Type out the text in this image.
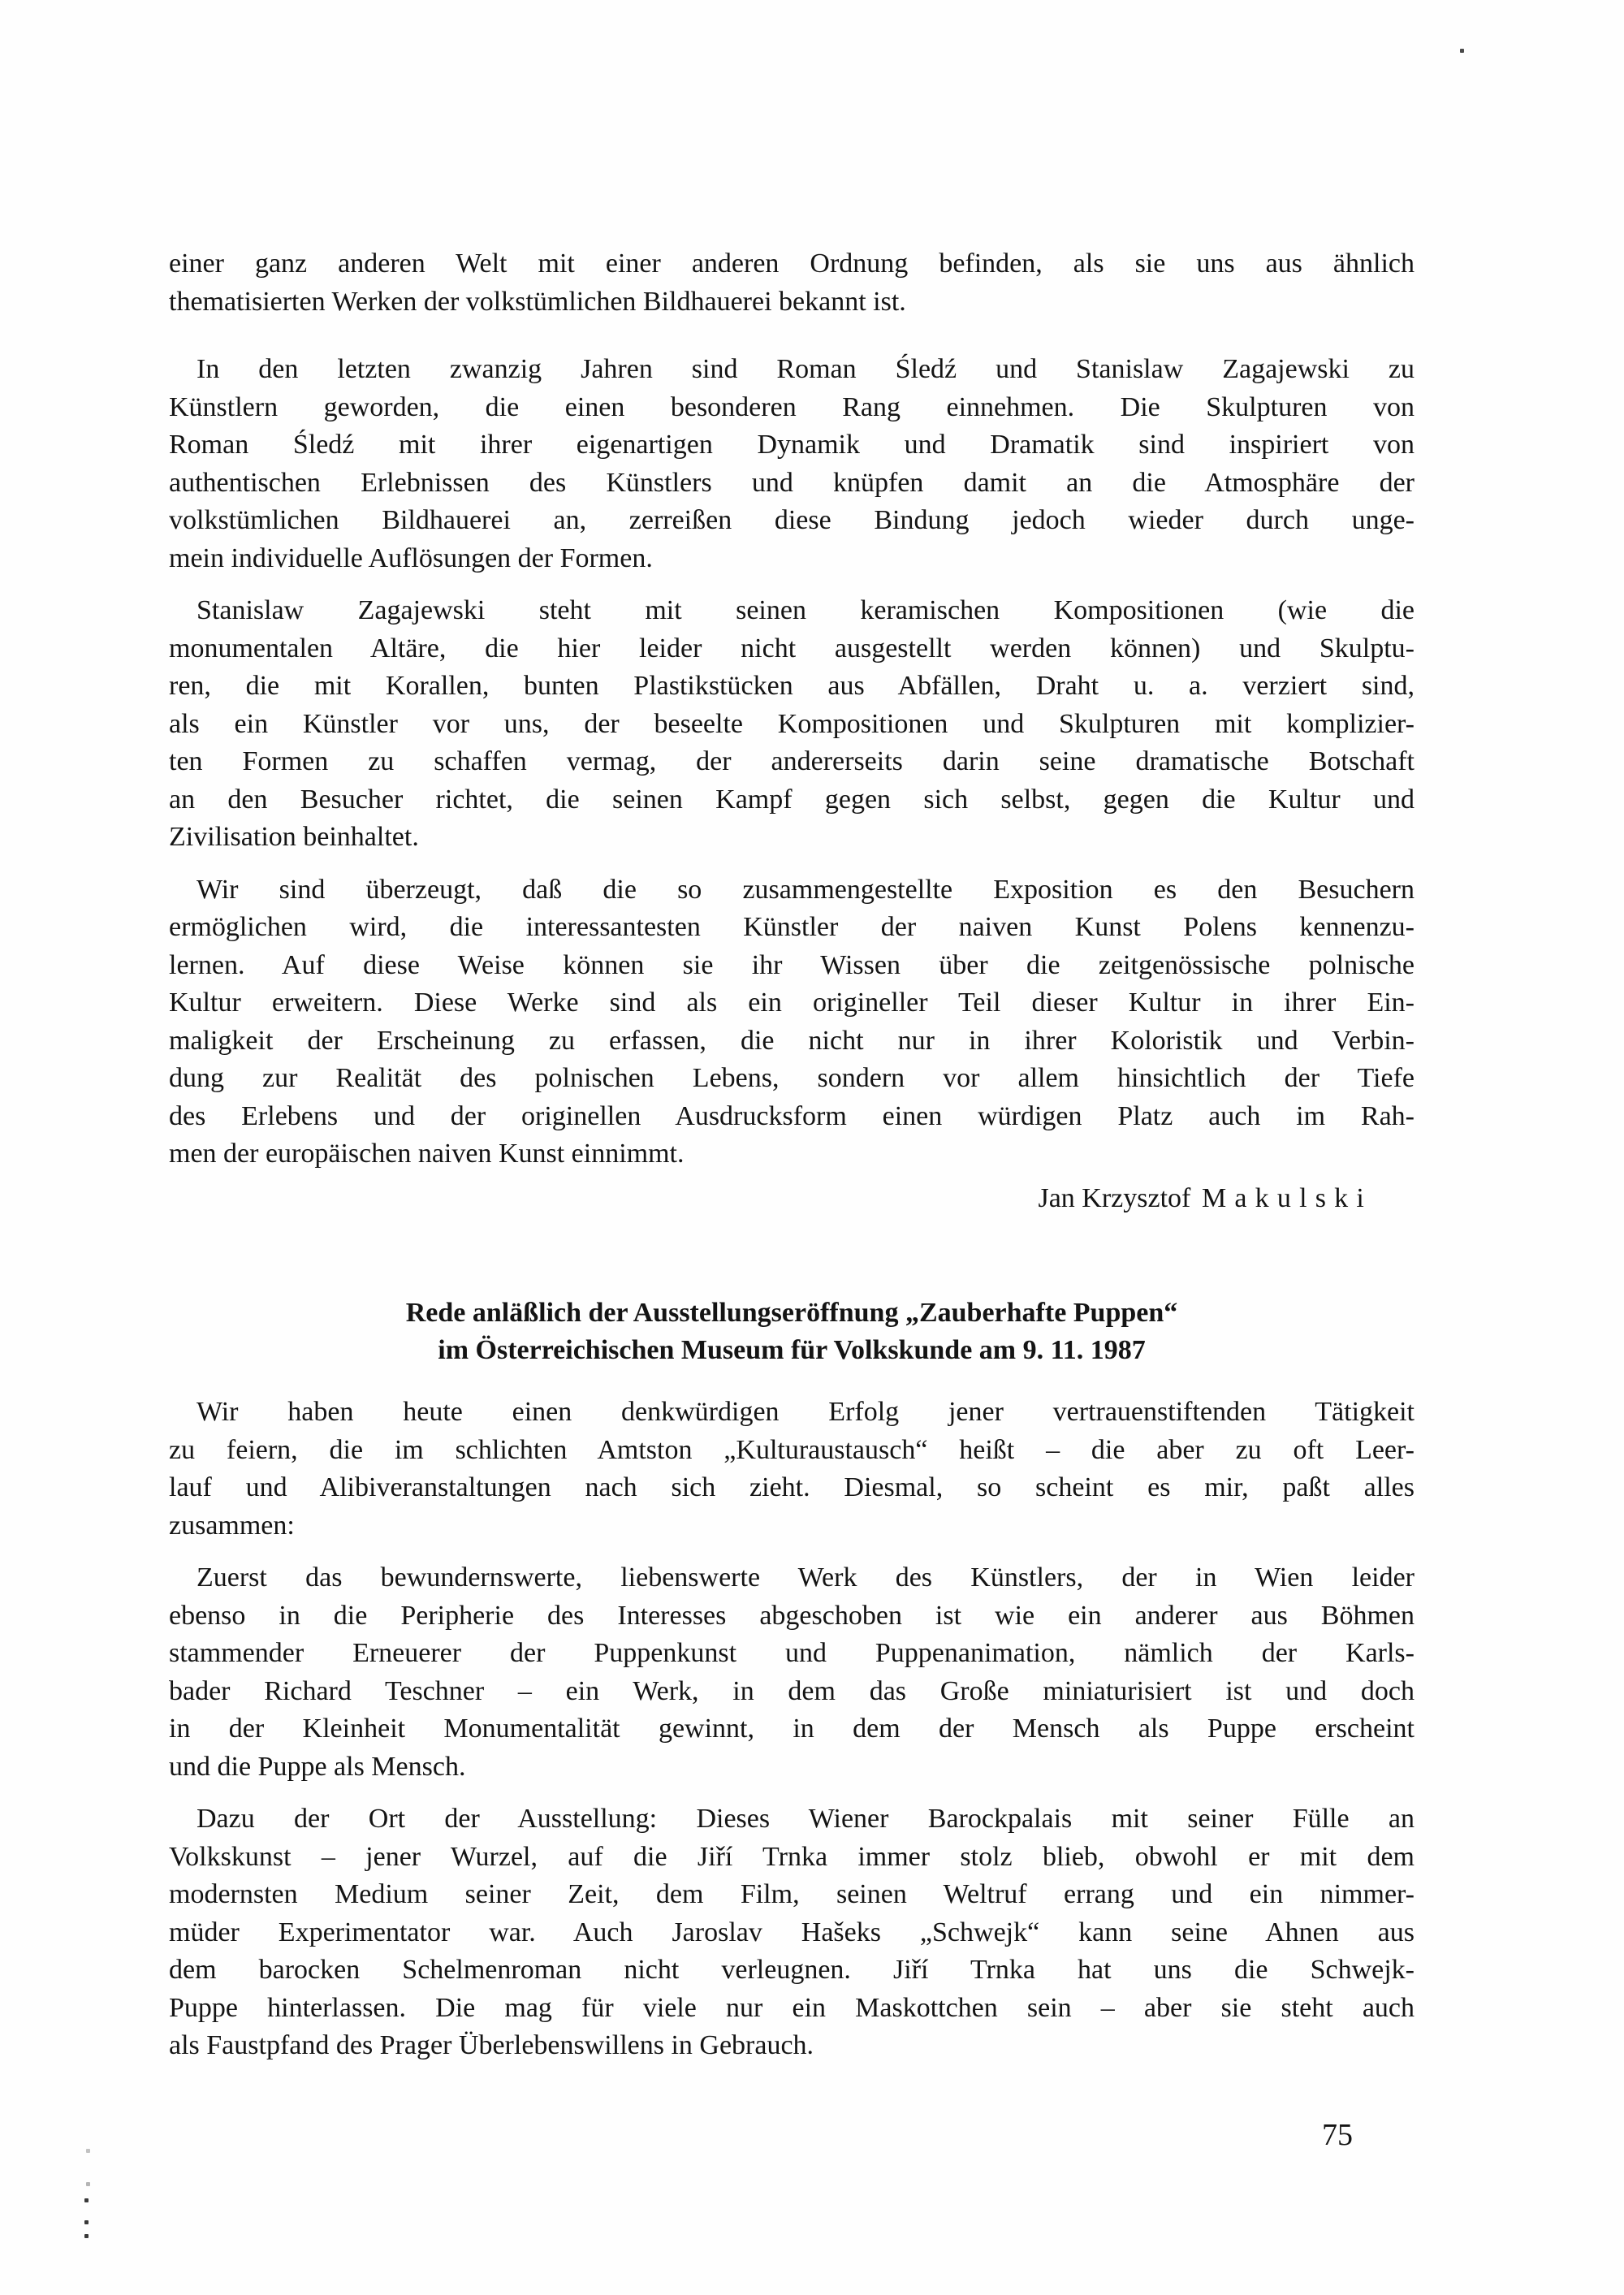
einer ganz anderen Welt mit einer anderen Ordnung befinden, als sie uns aus ähnlich
thematisierten Werken der volkstümlichen Bildhauerei bekannt ist.
In den letzten zwanzig Jahren sind Roman Śledź und Stanislaw Zagajewski zu
Künstlern geworden, die einen besonderen Rang einnehmen. Die Skulpturen von
Roman Śledź mit ihrer eigenartigen Dynamik und Dramatik sind inspiriert von
authentischen Erlebnissen des Künstlers und knüpfen damit an die Atmosphäre der
volkstümlichen Bildhauerei an, zerreißen diese Bindung jedoch wieder durch unge-
mein individuelle Auflösungen der Formen.
Stanislaw Zagajewski steht mit seinen keramischen Kompositionen (wie die
monumentalen Altäre, die hier leider nicht ausgestellt werden können) und Skulptu-
ren, die mit Korallen, bunten Plastikstücken aus Abfällen, Draht u. a. verziert sind,
als ein Künstler vor uns, der beseelte Kompositionen und Skulpturen mit komplizier-
ten Formen zu schaffen vermag, der andererseits darin seine dramatische Botschaft
an den Besucher richtet, die seinen Kampf gegen sich selbst, gegen die Kultur und
Zivilisation beinhaltet.
Wir sind überzeugt, daß die so zusammengestellte Exposition es den Besuchern
ermöglichen wird, die interessantesten Künstler der naiven Kunst Polens kennenzu-
lernen. Auf diese Weise können sie ihr Wissen über die zeitgenössische polnische
Kultur erweitern. Diese Werke sind als ein origineller Teil dieser Kultur in ihrer Ein-
maligkeit der Erscheinung zu erfassen, die nicht nur in ihrer Koloristik und Verbin-
dung zur Realität des polnischen Lebens, sondern vor allem hinsichtlich der Tiefe
des Erlebens und der originellen Ausdrucksform einen würdigen Platz auch im Rah-
men der europäischen naiven Kunst einnimmt.
Jan Krzysztof Makulski
Rede anläßlich der Ausstellungseröffnung „Zauberhafte Puppen“
im Österreichischen Museum für Volkskunde am 9. 11. 1987
Wir haben heute einen denkwürdigen Erfolg jener vertrauenstiftenden Tätigkeit
zu feiern, die im schlichten Amtston „Kulturaustausch“ heißt – die aber zu oft Leer-
lauf und Alibiveranstaltungen nach sich zieht. Diesmal, so scheint es mir, paßt alles
zusammen:
Zuerst das bewundernswerte, liebenswerte Werk des Künstlers, der in Wien leider
ebenso in die Peripherie des Interesses abgeschoben ist wie ein anderer aus Böhmen
stammender Erneuerer der Puppenkunst und Puppenanimation, nämlich der Karls-
bader Richard Teschner – ein Werk, in dem das Große miniaturisiert ist und doch
in der Kleinheit Monumentalität gewinnt, in dem der Mensch als Puppe erscheint
und die Puppe als Mensch.
Dazu der Ort der Ausstellung: Dieses Wiener Barockpalais mit seiner Fülle an
Volkskunst – jener Wurzel, auf die Jiří Trnka immer stolz blieb, obwohl er mit dem
modernsten Medium seiner Zeit, dem Film, seinen Weltruf errang und ein nimmer-
müder Experimentator war. Auch Jaroslav Hašeks „Schwejk“ kann seine Ahnen aus
dem barocken Schelmenroman nicht verleugnen. Jiří Trnka hat uns die Schwejk-
Puppe hinterlassen. Die mag für viele nur ein Maskottchen sein – aber sie steht auch
als Faustpfand des Prager Überlebenswillens in Gebrauch.
75
